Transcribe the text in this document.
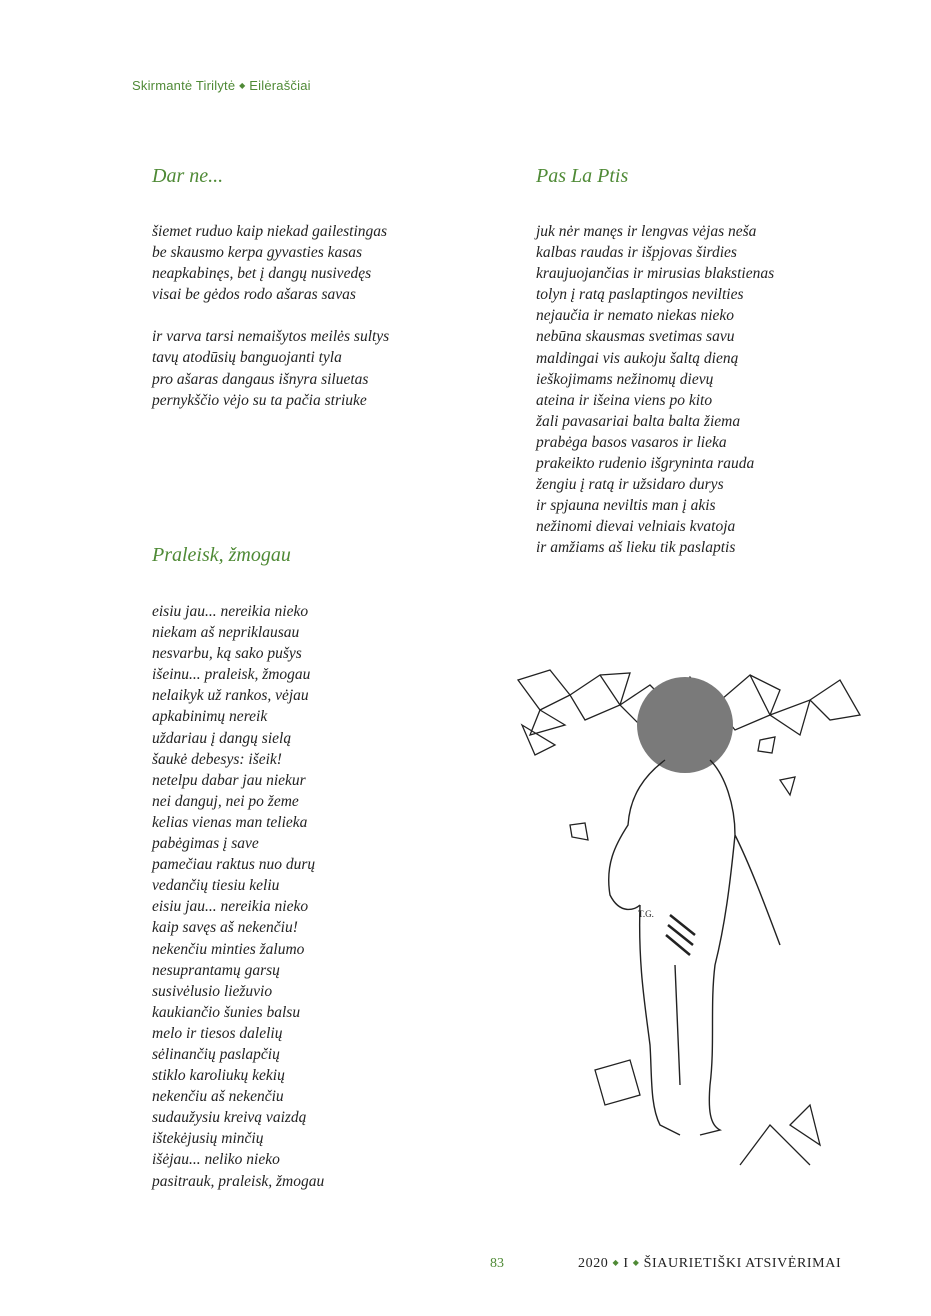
Skirmantė Tirilytė ◆ Eilėraščiai
Dar ne...
šiemet ruduo kaip niekad gailestingas
be skausmo kerpa gyvasties kasas
neapkabinęs, bet į dangų nusivedęs
visai be gėdos rodo ašaras savas
ir varva tarsi nemaišytos meilės sultys
tavų atodūsių banguojanti tyla
pro ašaras dangaus išnyra siluetas
pernykščio vėjo su ta pačia striuke
Pas La Ptis
juk nėr manęs ir lengvas vėjas neša
kalbas raudas ir išpjovas širdies
kraujuojančias ir mirusias blakstienas
tolyn į ratą paslaptingos nevilties
nejaučia ir nemato niekas nieko
nebūna skausmas svetimas savu
maldingai vis aukoju šaltą dieną
ieškojimams nežinomų dievų
ateina ir išeina viens po kito
žali pavasariai balta balta žiema
prabėga basos vasaros ir lieka
prakeikto rudenio išgryninta rauda
žengiu į ratą ir užsidaro durys
ir spjauna neviltis man į akis
nežinomi dievai velniais kvatoja
ir amžiams aš lieku tik paslaptis
Praleisk, žmogau
eisiu jau... nereikia nieko
niekam aš nepriklausau
nesvarbu, ką sako pušys
išeinu... praleisk, žmogau
nelaikyk už rankos, vėjau
apkabinimų nereik
uždariau į dangų sielą
šaukė debesys: išeik!
netelpu dabar jau niekur
nei danguj, nei po žeme
kelias vienas man telieka
pabėgimas į save
pamečiau raktus nuo durų
vedančių tiesiu keliu
eisiu jau... nereikia nieko
kaip savęs aš nekenčiu!
nekenčiu minties žalumo
nesuprantamų garsų
susivėlusio liežuvio
kaukiančio šunies balsu
melo ir tiesos dalelių
sėlinančių paslapčių
stiklo karoliukų kekių
nekenčiu aš nekenčiu
sudaužysiu kreivą vaizdą
ištekėjusių minčių
išėjau... neliko nieko
pasitrauk, praleisk, žmogau
T.G.
83	2020 ◆ I ◆ ŠIAURIETIŠKI ATSIVĖRIMAI
